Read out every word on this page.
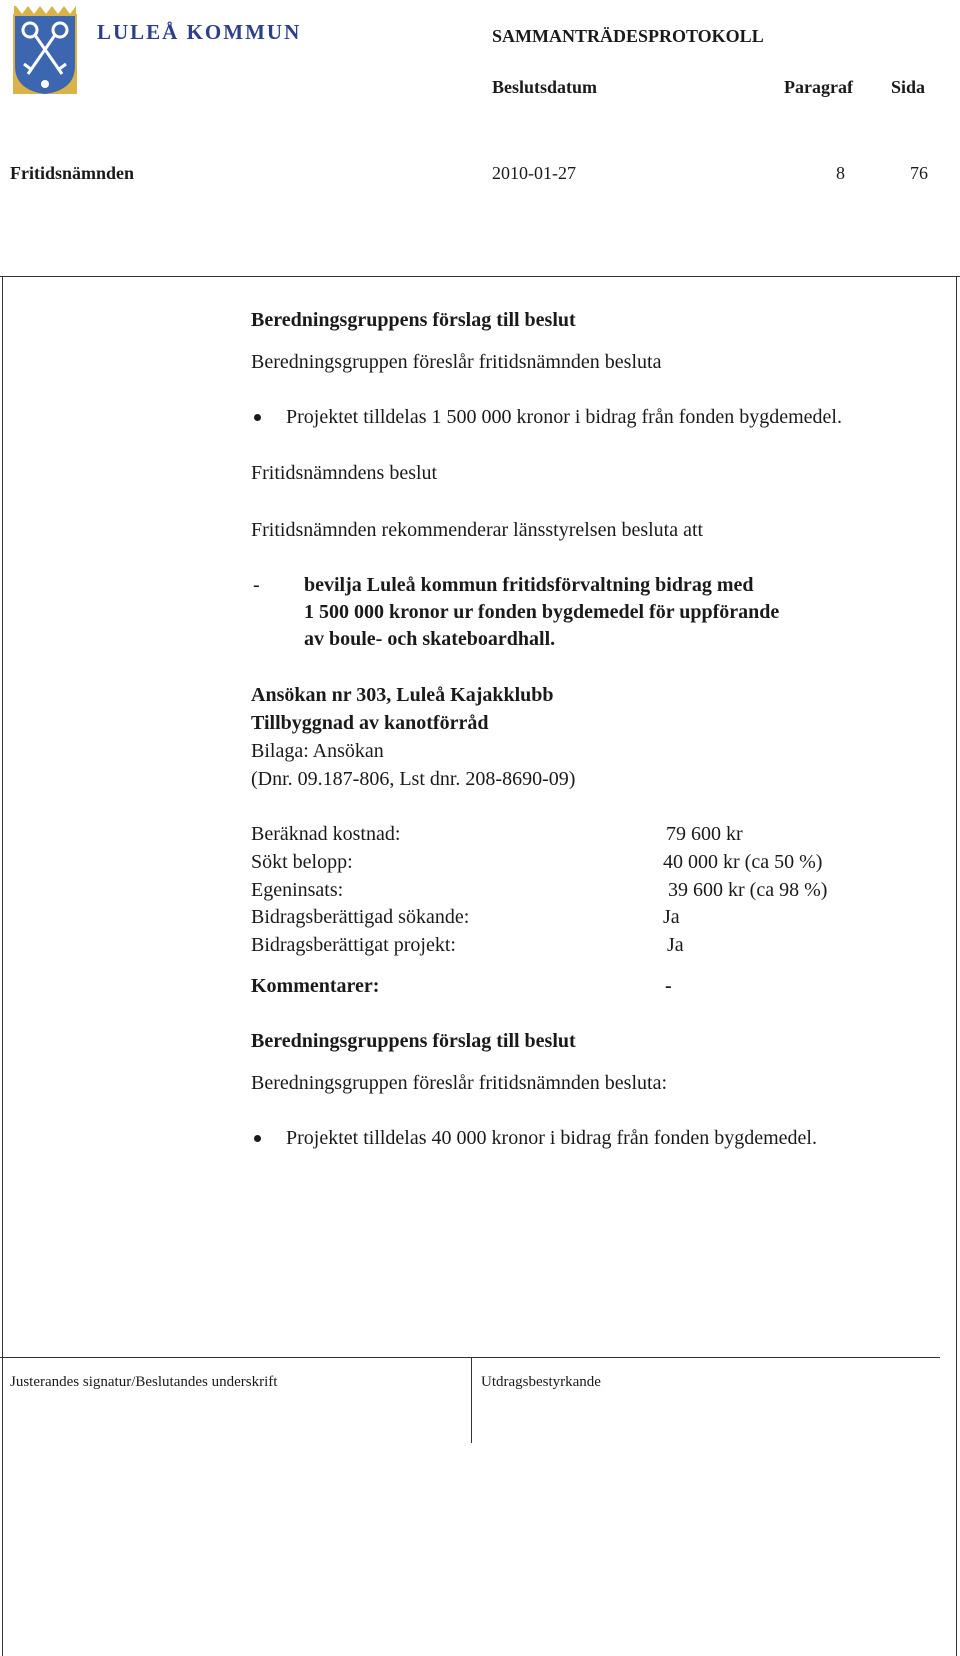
LULEÅ KOMMUN	SAMMANTRÄDESPROTOKOLL
Beslutsdatum	Paragraf Sida
Fritidsnämnden	2010-01-27	8	76
Beredningsgruppens förslag till beslut
Beredningsgruppen föreslår fritidsnämnden besluta
Projektet tilldelas 1 500 000 kronor i bidrag från fonden bygdemedel.
Fritidsnämndens beslut
Fritidsnämnden rekommenderar länsstyrelsen besluta att
- bevilja Luleå kommun fritidsförvaltning bidrag med
1 500 000 kronor ur fonden bygdemedel för uppförande
av boule- och skateboardhall.
Ansökan nr 303, Luleå Kajakklubb
Tillbyggnad av kanotförråd
Bilaga: Ansökan
(Dnr. 09.187-806, Lst dnr. 208-8690-09)
Beräknad kostnad:	79 600 kr
Sökt belopp:	40 000 kr (ca 50 %)
Egeninsats:	39 600 kr (ca 98 %)
Bidragsberättigad sökande:	Ja
Bidragsberättigat projekt:	Ja
Kommentarer:	-
Beredningsgruppens förslag till beslut
Beredningsgruppen föreslår fritidsnämnden besluta:
Projektet tilldelas 40 000 kronor i bidrag från fonden bygdemedel.
Justerandes signatur/Beslutandes underskrift	Utdragsbestyrkande
